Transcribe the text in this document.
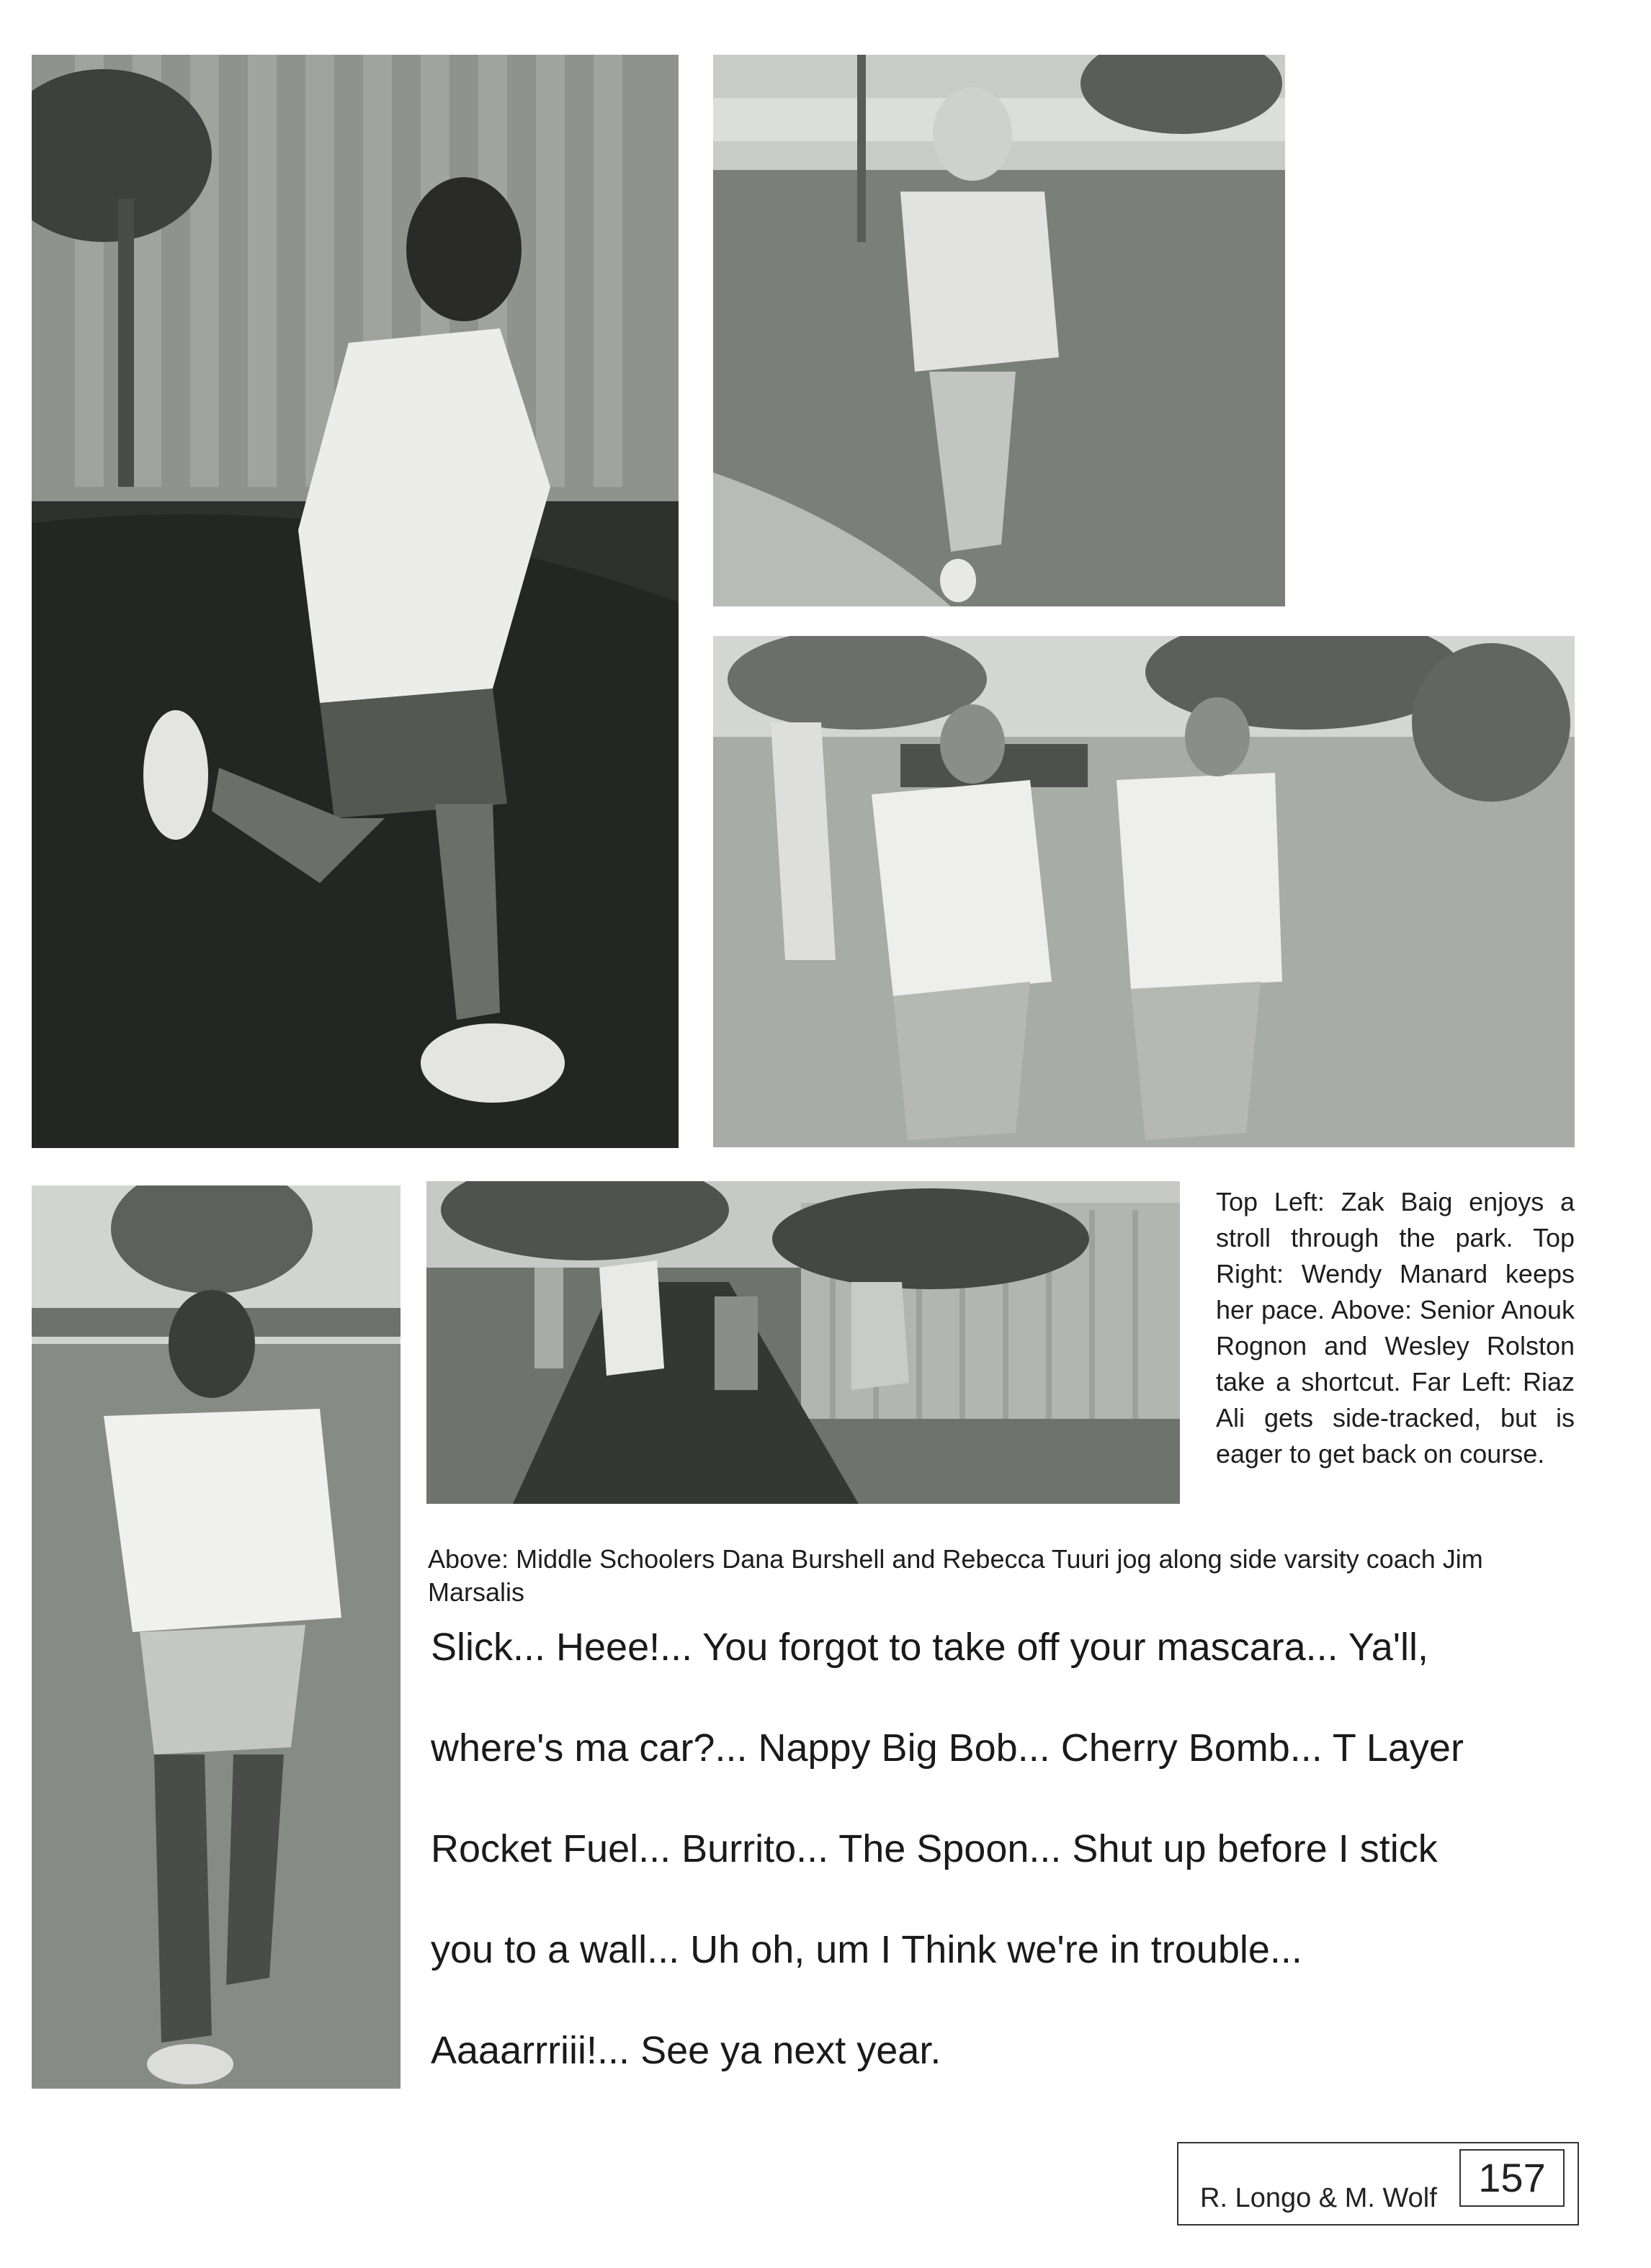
Top Left: Zak Baig enjoys a stroll through the park. Top Right: Wendy Manard keeps her pace. Above: Senior Anouk Rognon and Wesley Rolston take a shortcut. Far Left: Riaz Ali gets side-tracked, but is eager to get back on course.
Above: Middle Schoolers Dana Burshell and Rebecca Tuuri jog along side varsity coach Jim Marsalis
Slick... Heee!... You forgot to take off your mascara... Ya'll,
where's ma car?... Nappy Big Bob... Cherry Bomb... T Layer
Rocket Fuel... Burrito... The Spoon... Shut up before I stick
you to a wall... Uh oh, um I Think we're in trouble...
Aaaarrriii!... See ya next year.
R. Longo & M. Wolf	157
